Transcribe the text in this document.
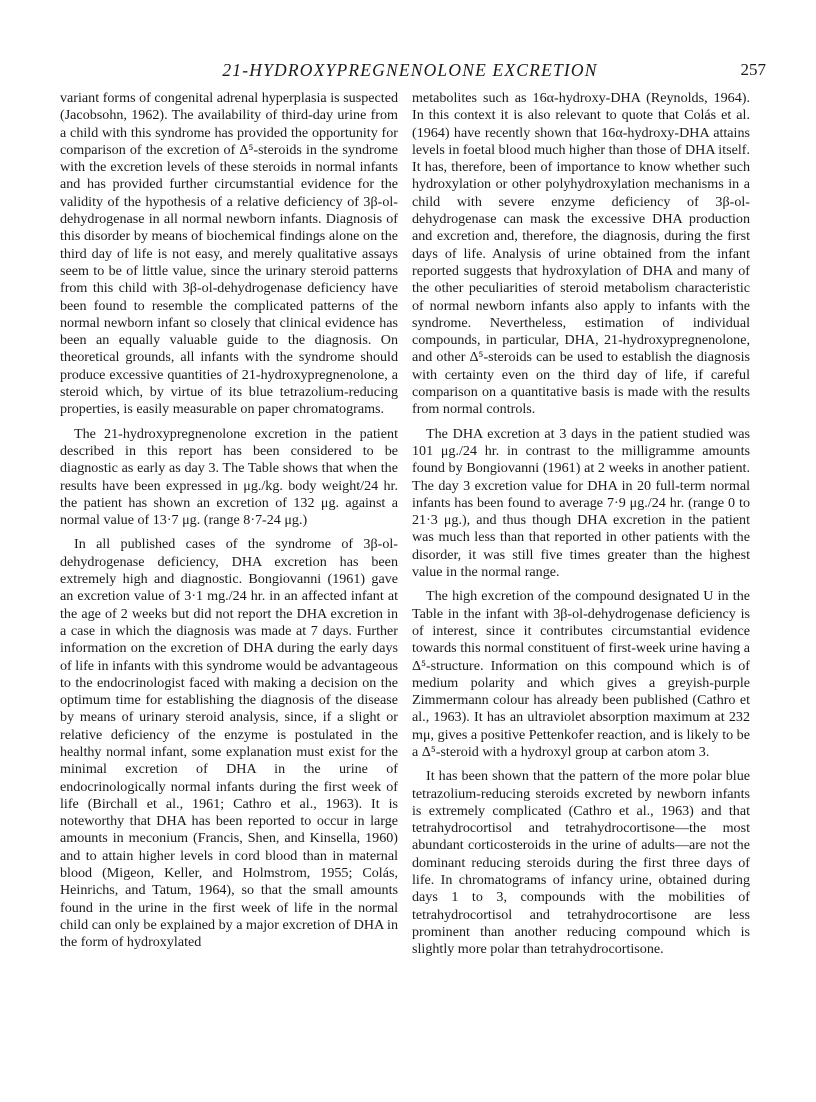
21-HYDROXYPREGNENOLONE EXCRETION	257

variant forms of congenital adrenal hyperplasia is suspected (Jacobsohn, 1962). The availability of third-day urine from a child with this syndrome has provided the opportunity for comparison of the excretion of Δ⁵-steroids in the syndrome with the excretion levels of these steroids in normal infants and has provided further circumstantial evidence for the validity of the hypothesis of a relative deficiency of 3β-ol-dehydrogenase in all normal newborn infants. Diagnosis of this disorder by means of biochemical findings alone on the third day of life is not easy, and merely qualitative assays seem to be of little value, since the urinary steroid patterns from this child with 3β-ol-dehydrogenase deficiency have been found to resemble the complicated patterns of the normal newborn infant so closely that clinical evidence has been an equally valuable guide to the diagnosis. On theoretical grounds, all infants with the syndrome should produce excessive quantities of 21-hydroxypregnenolone, a steroid which, by virtue of its blue tetrazolium-reducing properties, is easily measurable on paper chromatograms.

The 21-hydroxypregnenolone excretion in the patient described in this report has been considered to be diagnostic as early as day 3. The Table shows that when the results have been expressed in μg./kg. body weight/24 hr. the patient has shown an excretion of 132 μg. against a normal value of 13·7 μg. (range 8·7-24 μg.)

In all published cases of the syndrome of 3β-ol-dehydrogenase deficiency, DHA excretion has been extremely high and diagnostic. Bongiovanni (1961) gave an excretion value of 3·1 mg./24 hr. in an affected infant at the age of 2 weeks but did not report the DHA excretion in a case in which the diagnosis was made at 7 days. Further information on the excretion of DHA during the early days of life in infants with this syndrome would be advantageous to the endocrinologist faced with making a decision on the optimum time for establishing the diagnosis of the disease by means of urinary steroid analysis, since, if a slight or relative deficiency of the enzyme is postulated in the healthy normal infant, some explanation must exist for the minimal excretion of DHA in the urine of endocrinologically normal infants during the first week of life (Birchall et al., 1961; Cathro et al., 1963). It is noteworthy that DHA has been reported to occur in large amounts in meconium (Francis, Shen, and Kinsella, 1960) and to attain higher levels in cord blood than in maternal blood (Migeon, Keller, and Holmstrom, 1955; Colás, Heinrichs, and Tatum, 1964), so that the small amounts found in the urine in the first week of life in the normal child can only be explained by a major excretion of DHA in the form of hydroxylated

metabolites such as 16α-hydroxy-DHA (Reynolds, 1964). In this context it is also relevant to quote that Colás et al. (1964) have recently shown that 16α-hydroxy-DHA attains levels in foetal blood much higher than those of DHA itself. It has, therefore, been of importance to know whether such hydroxylation or other polyhydroxylation mechanisms in a child with severe enzyme deficiency of 3β-ol-dehydrogenase can mask the excessive DHA production and excretion and, therefore, the diagnosis, during the first days of life. Analysis of urine obtained from the infant reported suggests that hydroxylation of DHA and many of the other peculiarities of steroid metabolism characteristic of normal newborn infants also apply to infants with the syndrome. Nevertheless, estimation of individual compounds, in particular, DHA, 21-hydroxypregnenolone, and other Δ⁵-steroids can be used to establish the diagnosis with certainty even on the third day of life, if careful comparison on a quantitative basis is made with the results from normal controls.

The DHA excretion at 3 days in the patient studied was 101 μg./24 hr. in contrast to the milligramme amounts found by Bongiovanni (1961) at 2 weeks in another patient. The day 3 excretion value for DHA in 20 full-term normal infants has been found to average 7·9 μg./24 hr. (range 0 to 21·3 μg.), and thus though DHA excretion in the patient was much less than that reported in other patients with the disorder, it was still five times greater than the highest value in the normal range.

The high excretion of the compound designated U in the Table in the infant with 3β-ol-dehydrogenase deficiency is of interest, since it contributes circumstantial evidence towards this normal constituent of first-week urine having a Δ⁵-structure. Information on this compound which is of medium polarity and which gives a greyish-purple Zimmermann colour has already been published (Cathro et al., 1963). It has an ultraviolet absorption maximum at 232 mμ, gives a positive Pettenkofer reaction, and is likely to be a Δ⁵-steroid with a hydroxyl group at carbon atom 3.

It has been shown that the pattern of the more polar blue tetrazolium-reducing steroids excreted by newborn infants is extremely complicated (Cathro et al., 1963) and that tetrahydrocortisol and tetrahydrocortisone—the most abundant corticosteroids in the urine of adults—are not the dominant reducing steroids during the first three days of life. In chromatograms of infancy urine, obtained during days 1 to 3, compounds with the mobilities of tetrahydrocortisol and tetrahydrocortisone are less prominent than another reducing compound which is slightly more polar than tetrahydrocortisone.
